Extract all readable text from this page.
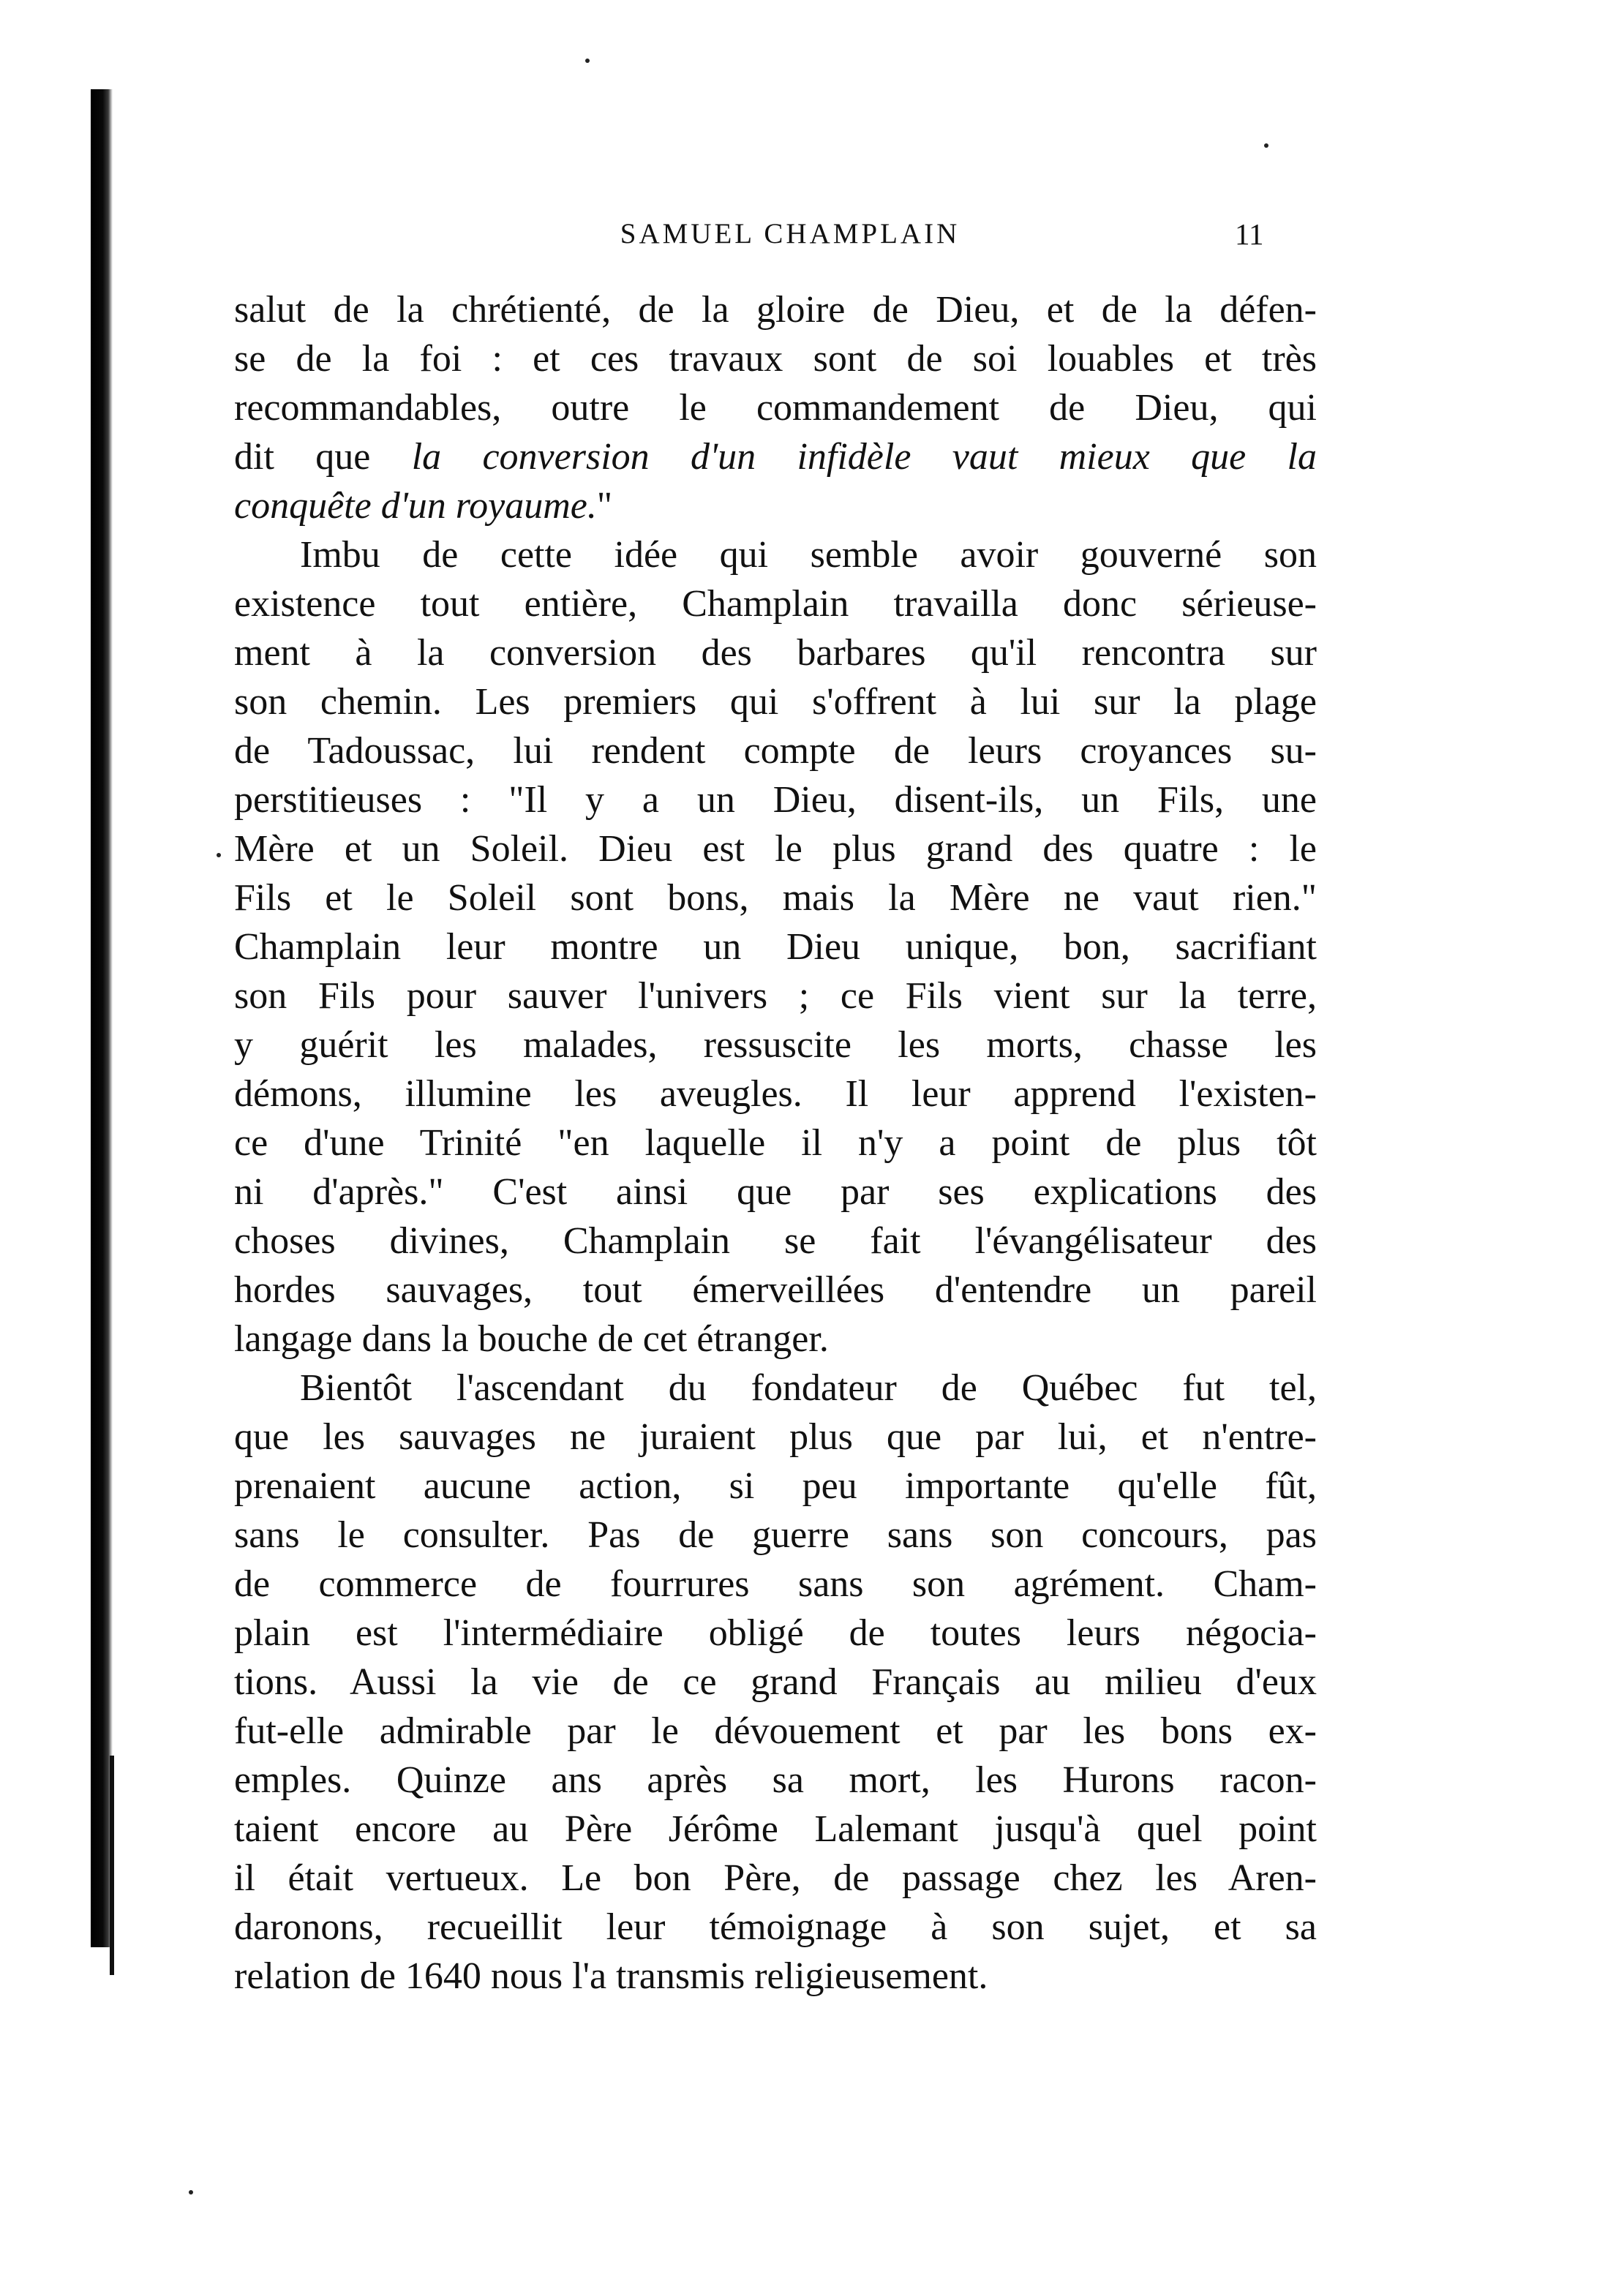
SAMUEL CHAMPLAIN	11
salut de la chrétienté, de la gloire de Dieu, et de la défen-
se de la foi : et ces travaux sont de soi louables et très
recommandables, outre le commandement de Dieu, qui
dit que la conversion d'un infidèle vaut mieux que la
conquête d'un royaume."
Imbu de cette idée qui semble avoir gouverné son
existence tout entière, Champlain travailla donc sérieuse-
ment à la conversion des barbares qu'il rencontra sur
son chemin. Les premiers qui s'offrent à lui sur la plage
de Tadoussac, lui rendent compte de leurs croyances su-
perstitieuses : "Il y a un Dieu, disent-ils, un Fils, une
Mère et un Soleil. Dieu est le plus grand des quatre : le
Fils et le Soleil sont bons, mais la Mère ne vaut rien."
Champlain leur montre un Dieu unique, bon, sacrifiant
son Fils pour sauver l'univers ; ce Fils vient sur la terre,
y guérit les malades, ressuscite les morts, chasse les
démons, illumine les aveugles. Il leur apprend l'existen-
ce d'une Trinité "en laquelle il n'y a point de plus tôt
ni d'après." C'est ainsi que par ses explications des
choses divines, Champlain se fait l'évangélisateur des
hordes sauvages, tout émerveillées d'entendre un pareil
langage dans la bouche de cet étranger.
Bientôt l'ascendant du fondateur de Québec fut tel,
que les sauvages ne juraient plus que par lui, et n'entre-
prenaient aucune action, si peu importante qu'elle fût,
sans le consulter. Pas de guerre sans son concours, pas
de commerce de fourrures sans son agrément. Cham-
plain est l'intermédiaire obligé de toutes leurs négocia-
tions. Aussi la vie de ce grand Français au milieu d'eux
fut-elle admirable par le dévouement et par les bons ex-
emples. Quinze ans après sa mort, les Hurons racon-
taient encore au Père Jérôme Lalemant jusqu'à quel point
il était vertueux. Le bon Père, de passage chez les Aren-
daronons, recueillit leur témoignage à son sujet, et sa
relation de 1640 nous l'a transmis religieusement.
